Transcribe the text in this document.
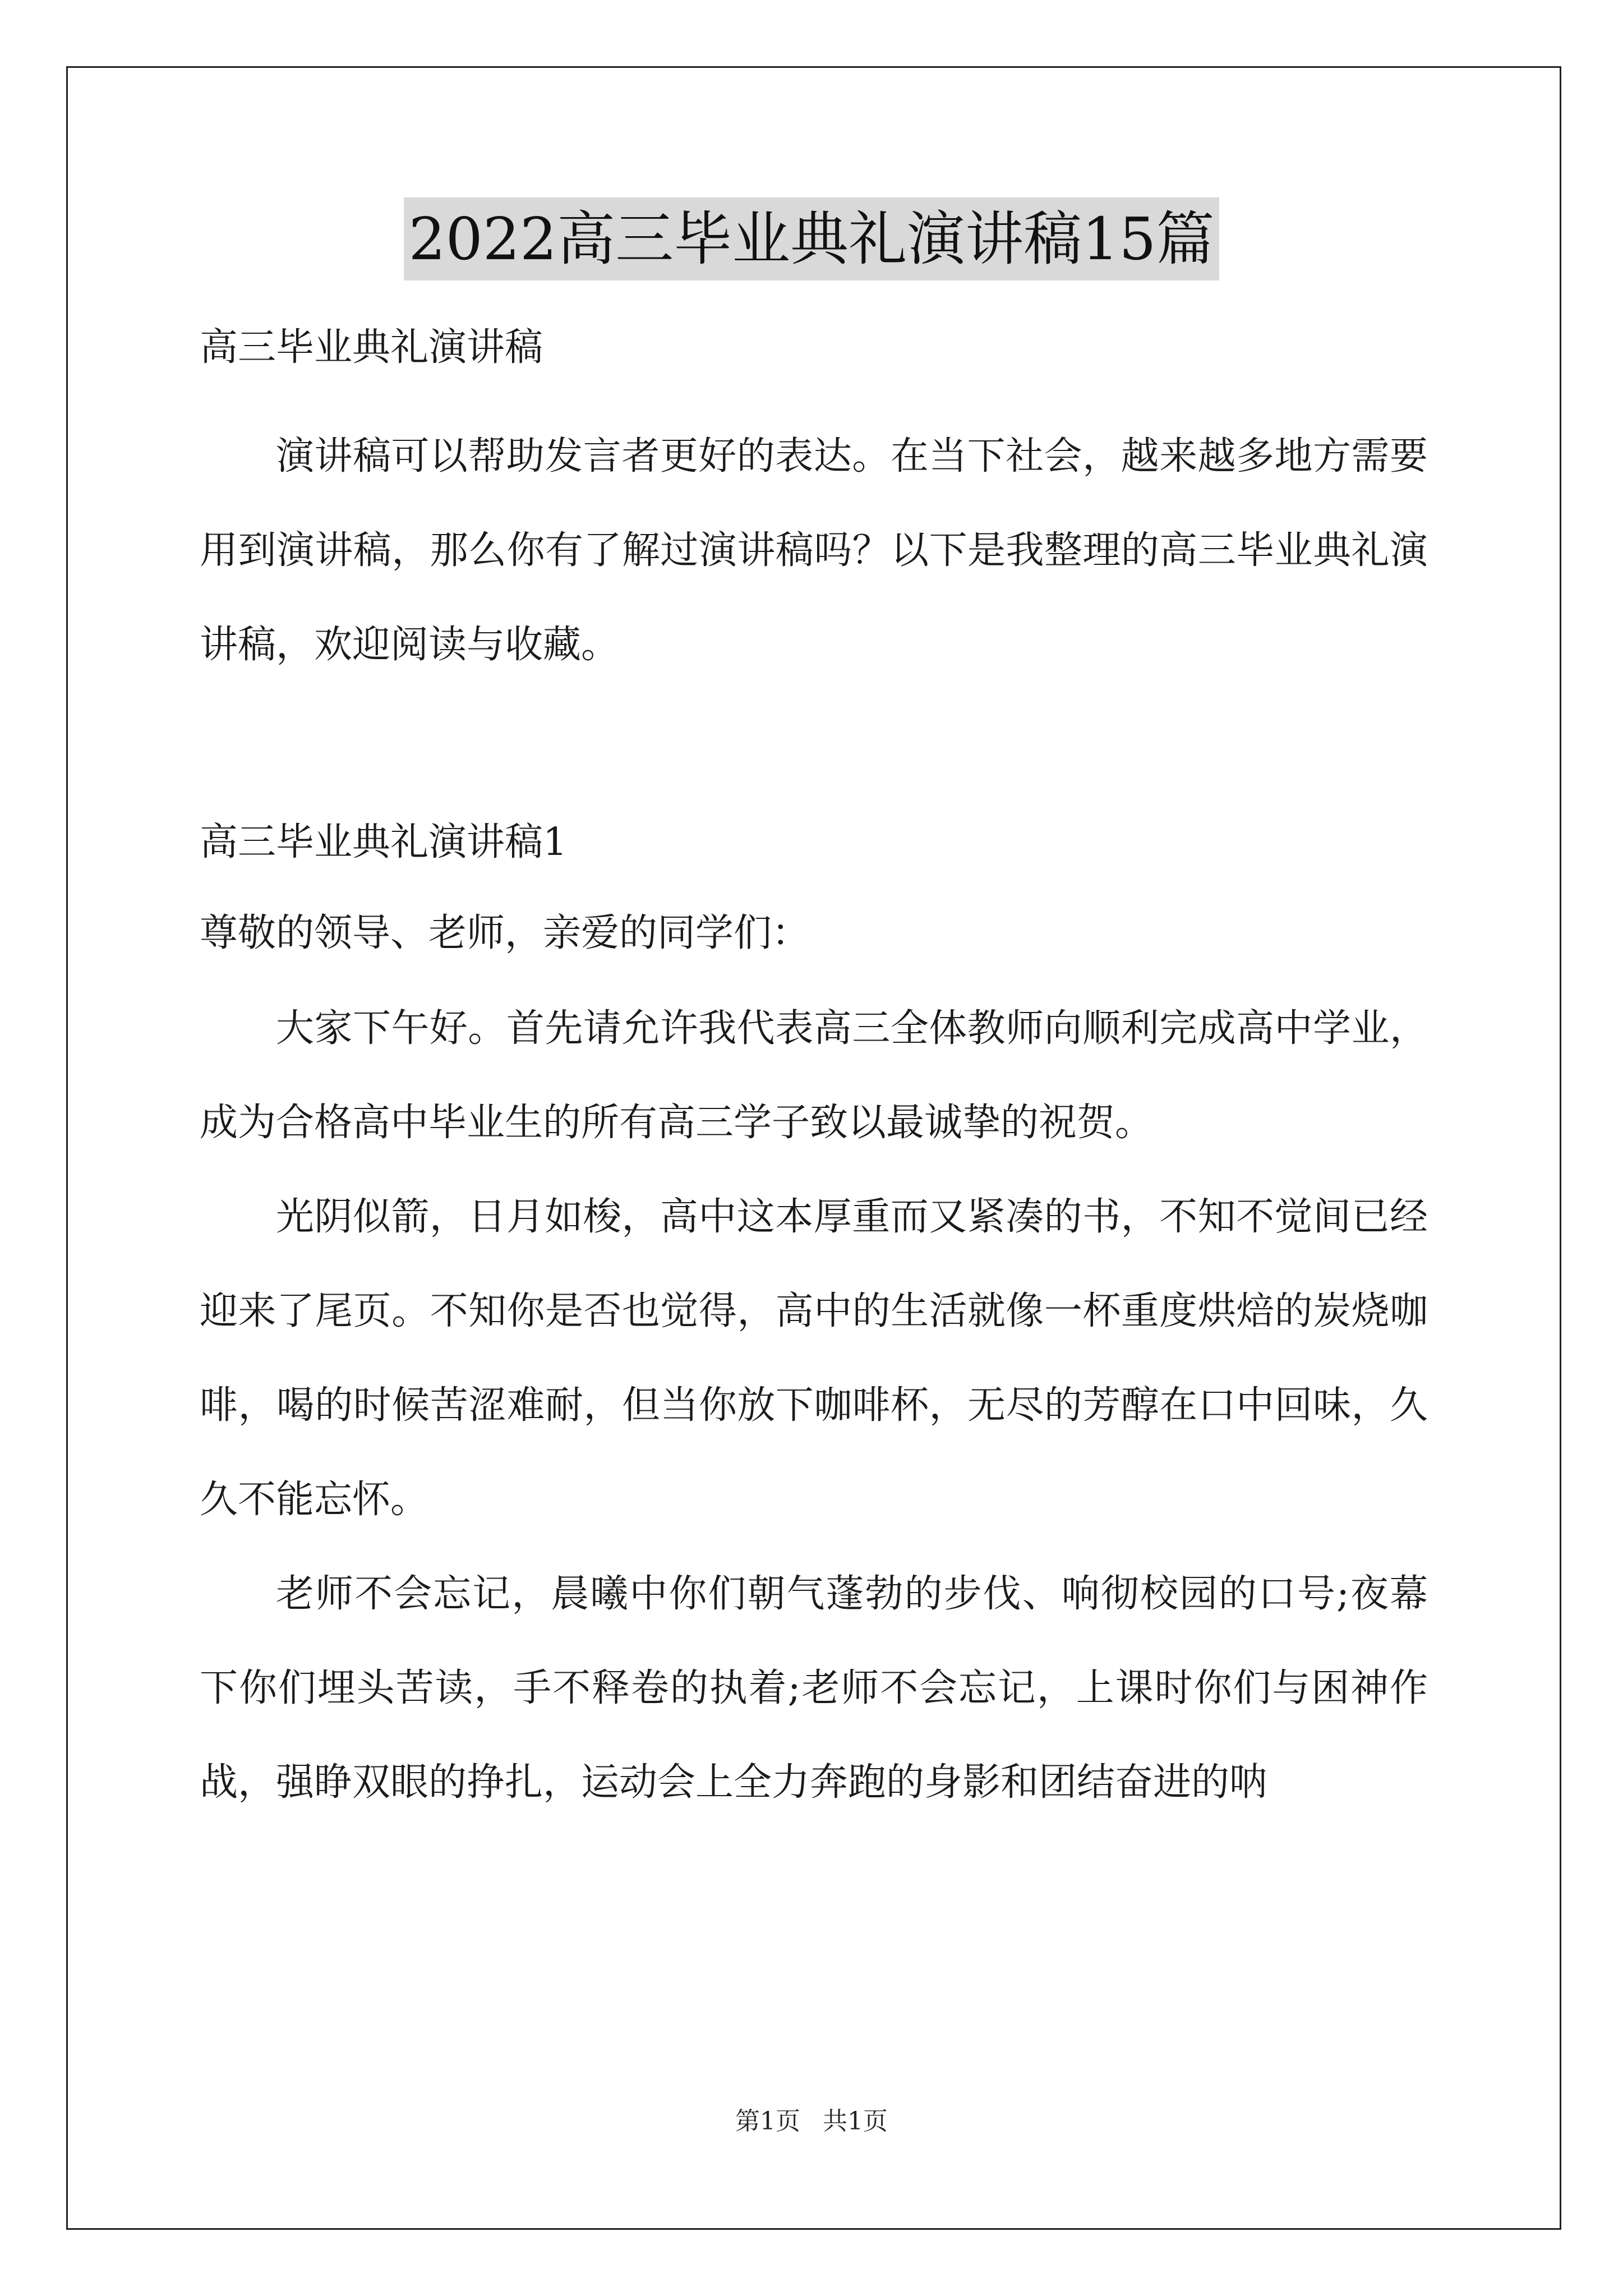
2022高三毕业典礼演讲稿15篇
高三毕业典礼演讲稿

演讲稿可以帮助发言者更好的表达。在当下社会，越来越多地方需要用到演讲稿，那么你有了解过演讲稿吗？以下是我整理的高三毕业典礼演讲稿，欢迎阅读与收藏。

高三毕业典礼演讲稿1
尊敬的领导、老师，亲爱的同学们：

大家下午好。首先请允许我代表高三全体教师向顺利完成高中学业，成为合格高中毕业生的所有高三学子致以最诚挚的祝贺。

光阴似箭，日月如梭，高中这本厚重而又紧凑的书，不知不觉间已经迎来了尾页。不知你是否也觉得，高中的生活就像一杯重度烘焙的炭烧咖啡，喝的时候苦涩难耐，但当你放下咖啡杯，无尽的芳醇在口中回味，久久不能忘怀。

老师不会忘记，晨曦中你们朝气蓬勃的步伐、响彻校园的口号;夜幕下你们埋头苦读，手不释卷的执着;老师不会忘记，上课时你们与困神作战，强睁双眼的挣扎，运动会上全力奔跑的身影和团结奋进的呐

第1页 共1页
